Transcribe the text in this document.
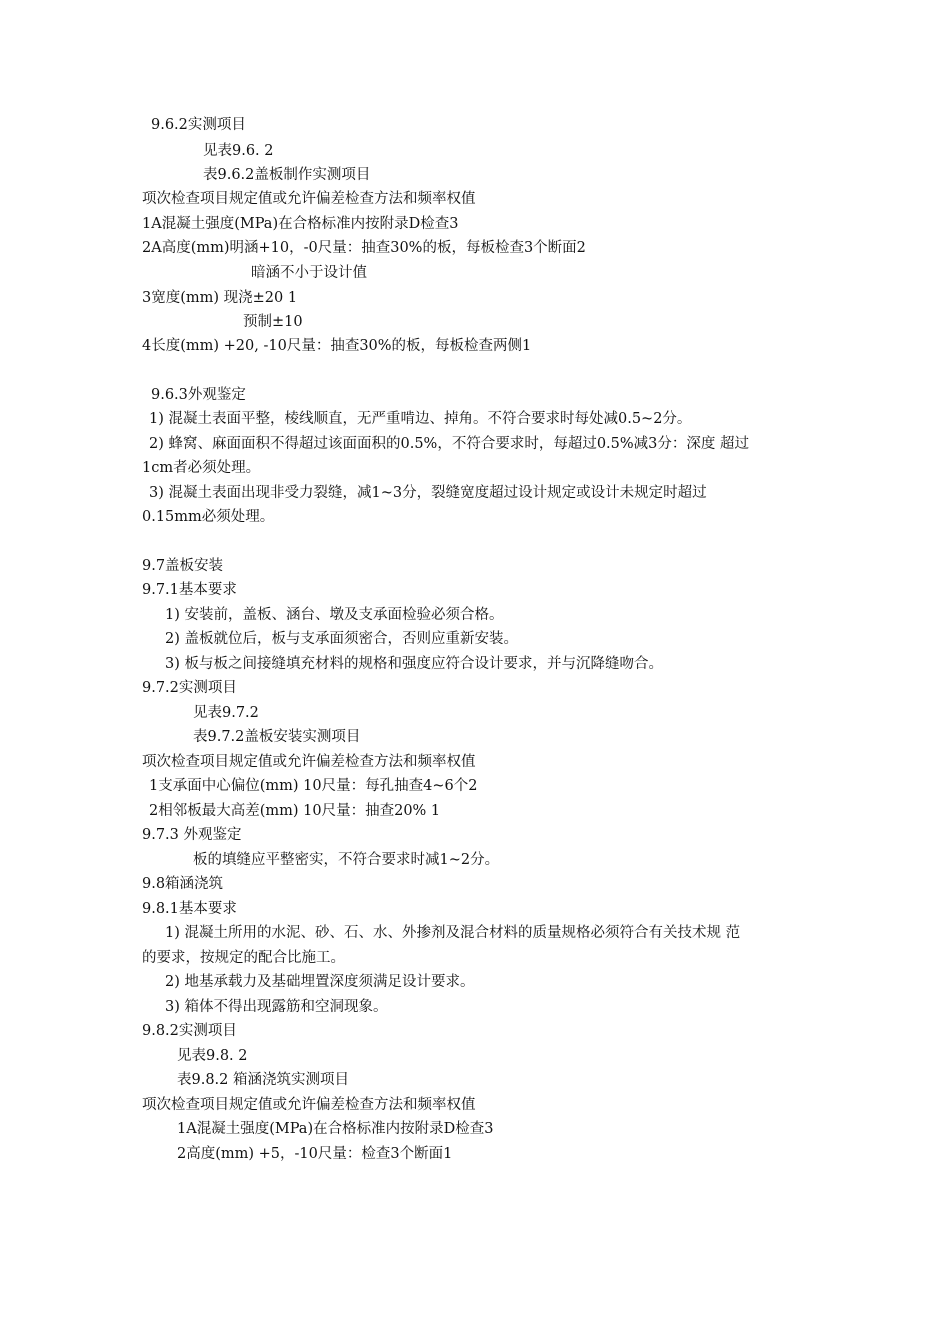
9.6.2实测项目
见表9.6. 2
表9.6.2盖板制作实测项目
项次检查项目规定值或允许偏差检查方法和频率权值
1A混凝土强度(MPa)在合格标准内按附录D检查3
2A高度(mm)明涵+10，-0尺量：抽查30%的板，每板检查3个断面2
暗涵不小于设计值
3宽度(mm) 现浇±20 1
预制±10
4长度(mm) +20, -10尺量：抽查30%的板，每板检查两侧1
9.6.3外观鉴定
1) 混凝土表面平整，棱线顺直，无严重啃边、掉角。不符合要求时每处减0.5~2分。
2) 蜂窝、麻面面积不得超过该面面积的0.5%，不符合要求时，每超过0.5%减3分：深度 超过
1cm者必须处理。
3) 混凝土表面出现非受力裂缝，减1~3分，裂缝宽度超过设计规定或设计未规定时超过
0.15mm必须处理。
9.7盖板安装
9.7.1基本要求
1) 安装前，盖板、涵台、墩及支承面检验必须合格。
2) 盖板就位后，板与支承面须密合，否则应重新安装。
3) 板与板之间接缝填充材料的规格和强度应符合设计要求，并与沉降缝吻合。
9.7.2实测项目
见表9.7.2
表9.7.2盖板安装实测项目
项次检查项目规定值或允许偏差检查方法和频率权值
1支承面中心偏位(mm) 10尺量：每孔抽查4~6个2
2相邻板最大高差(mm) 10尺量：抽查20% 1
9.7.3 外观鉴定
板的填缝应平整密实，不符合要求时减1~2分。
9.8箱涵浇筑
9.8.1基本要求
1) 混凝土所用的水泥、砂、石、水、外掺剂及混合材料的质量规格必须符合有关技术规 范
的要求，按规定的配合比施工。
2) 地基承载力及基础埋置深度须满足设计要求。
3) 箱体不得出现露筋和空洞现象。
9.8.2实测项目
见表9.8. 2
表9.8.2 箱涵浇筑实测项目
项次检查项目规定值或允许偏差检查方法和频率权值
1A混凝土强度(MPa)在合格标准内按附录D检查3
2高度(mm) +5，-10尺量：检查3个断面1
